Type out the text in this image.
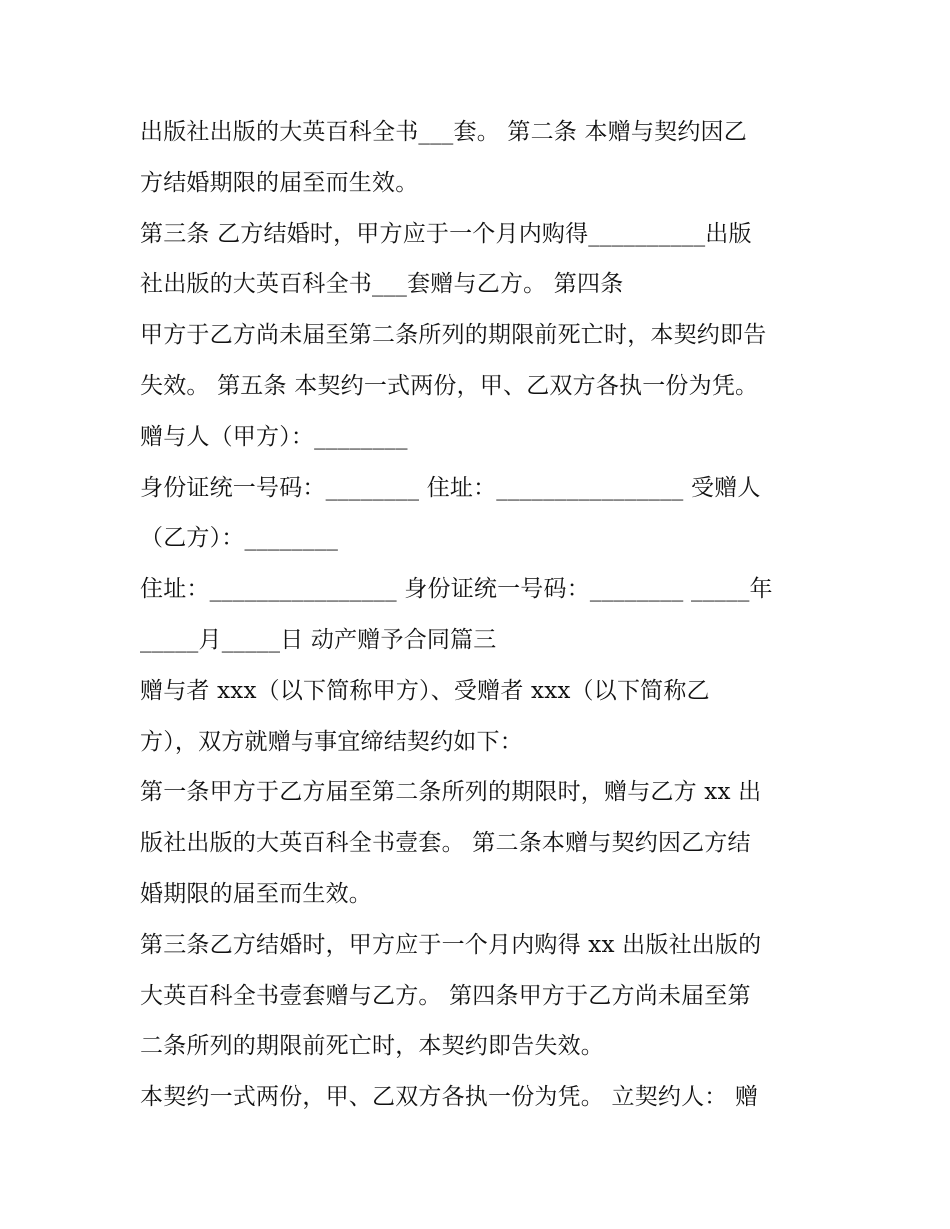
出版社出版的大英百科全书___套。 第二条 本赠与契约因乙
方结婚期限的届至而生效。
第三条 乙方结婚时，甲方应于一个月内购得__________出版
社出版的大英百科全书___套赠与乙方。 第四条
甲方于乙方尚未届至第二条所列的期限前死亡时，本契约即告
失效。 第五条 本契约一式两份，甲、乙双方各执一份为凭。
赠与人（甲方）：________
身份证统一号码：________ 住址：________________ 受赠人
（乙方）：________
住址：________________ 身份证统一号码：________ _____年
_____月_____日 动产赠予合同篇三
赠与者 xxx（以下简称甲方）、受赠者 xxx（以下简称乙
方），双方就赠与事宜缔结契约如下：
第一条甲方于乙方届至第二条所列的期限时，赠与乙方 xx 出
版社出版的大英百科全书壹套。 第二条本赠与契约因乙方结
婚期限的届至而生效。
第三条乙方结婚时，甲方应于一个月内购得 xx 出版社出版的
大英百科全书壹套赠与乙方。 第四条甲方于乙方尚未届至第
二条所列的期限前死亡时，本契约即告失效。
本契约一式两份，甲、乙双方各执一份为凭。 立契约人： 赠
